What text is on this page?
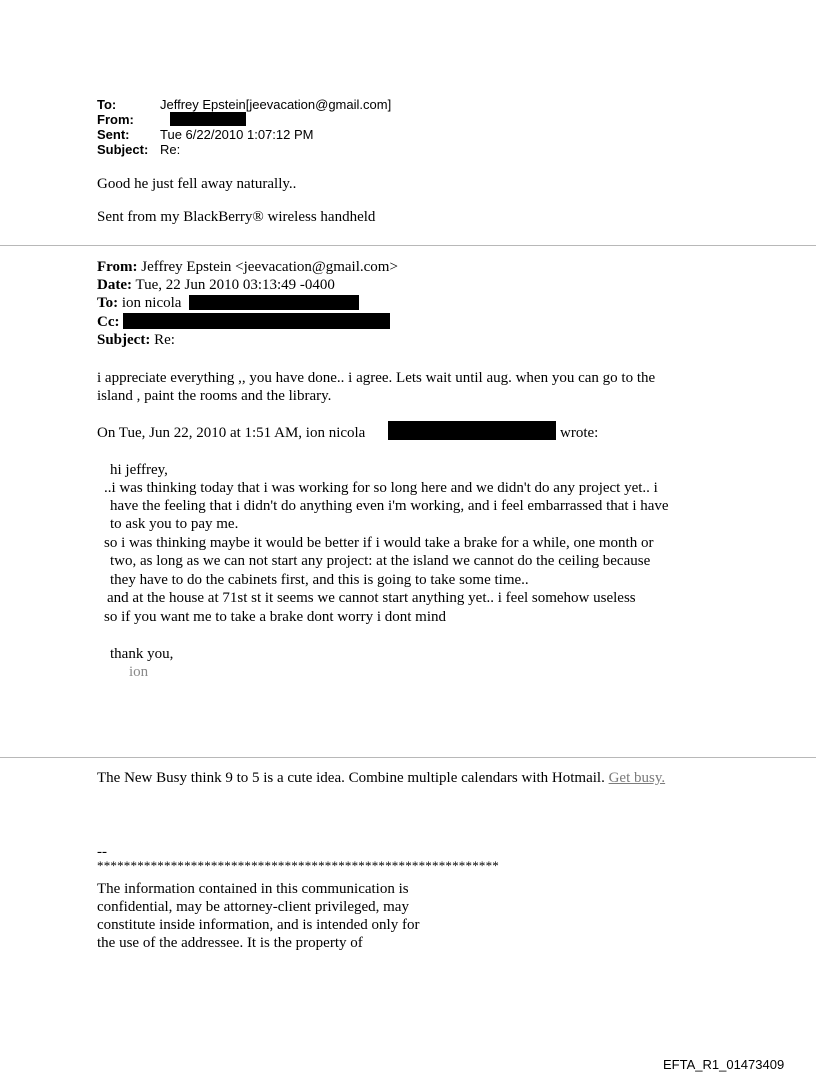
To:	Jeffrey Epstein[jeevacation@gmail.com]
From:
Sent: Tue 6/22/2010 1:07:12 PM
Subject: Re:
Good he just fell away naturally..
Sent from my BlackBerry® wireless handheld
From: Jeffrey Epstein <jeevacation@gmail.com>
Date: Tue, 22 Jun 2010 03:13:49 -0400
To: ion nicola
Cc:
Subject: Re:
i appreciate everything ,, you have done.. i agree. Lets wait until aug. when you can go to the
island , paint the rooms and the library.
On Tue, Jun 22, 2010 at 1:51 AM, ion nicola	wrote:
hi jeffrey,
..i was thinking today that i was working for so long here and we didn't do any project yet.. i
have the feeling that i didn't do anything even i'm working, and i feel embarrassed that i have
to ask you to pay me.
so i was thinking maybe it would be better if i would take a brake for a while, one month or
two, as long as we can not start any project: at the island we cannot do the ceiling because
they have to do the cabinets first, and this is going to take some time..
and at the house at 71st st it seems we cannot start anything yet.. i feel somehow useless
so if you want me to take a brake dont worry i dont mind
thank you,
ion
The New Busy think 9 to 5 is a cute idea. Combine multiple calendars with Hotmail. Get busy.
--
************************************************************
The information contained in this communication is
confidential, may be attorney-client privileged, may
constitute inside information, and is intended only for
the use of the addressee. It is the property of
EFTA_R1_01473409
